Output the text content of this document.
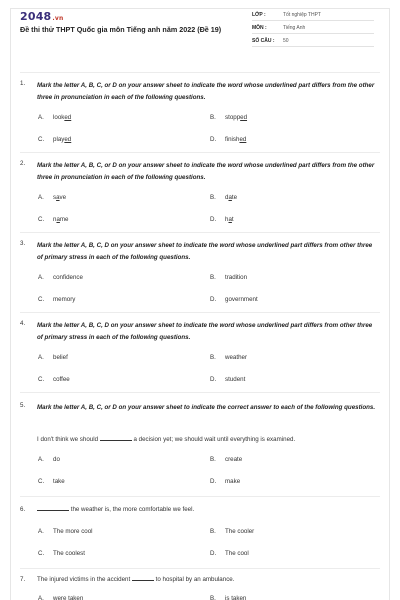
2048.vn
Đề thi thử THPT Quốc gia môn Tiếng anh năm 2022 (Đề 19)
LỚP :	Tốt nghiệp THPT
MÔN :	Tiếng Anh
SỐ CÂU : 50
1. Mark the letter A, B, C, or D on your answer sheet to indicate the word whose underlined part differs from the other three in pronunciation in each of the following questions.
A. looked	B. stopped
C. played	D. finished
2. Mark the letter A, B, C, or D on your answer sheet to indicate the word whose underlined part differs from the other three in pronunciation in each of the following questions.
A. save	B. date
C. name	D. hat
3. Mark the letter A, B, C, D on your answer sheet to indicate the word whose underlined part differs from other three of primary stress in each of the following questions.
A. confidence	B. tradition
C. memory	D. government
4. Mark the letter A, B, C, D on your answer sheet to indicate the word whose underlined part differs from other three of primary stress in each of the following questions.
A. belief	B. weather
C. coffee	D. student
5. Mark the letter A, B, C, or D on your answer sheet to indicate the correct answer to each of the following questions.
I don't think we should	a decision yet; we should wait until everything is examined.
A. do	B. create
C. take	D. make
6.	the weather is, the more comfortable we feel.
A. The more cool	B. The cooler
C. The coolest	D. The cool
7. The injured victims in the accident	to hospital by an ambulance.
A. were taken	B. is taken
